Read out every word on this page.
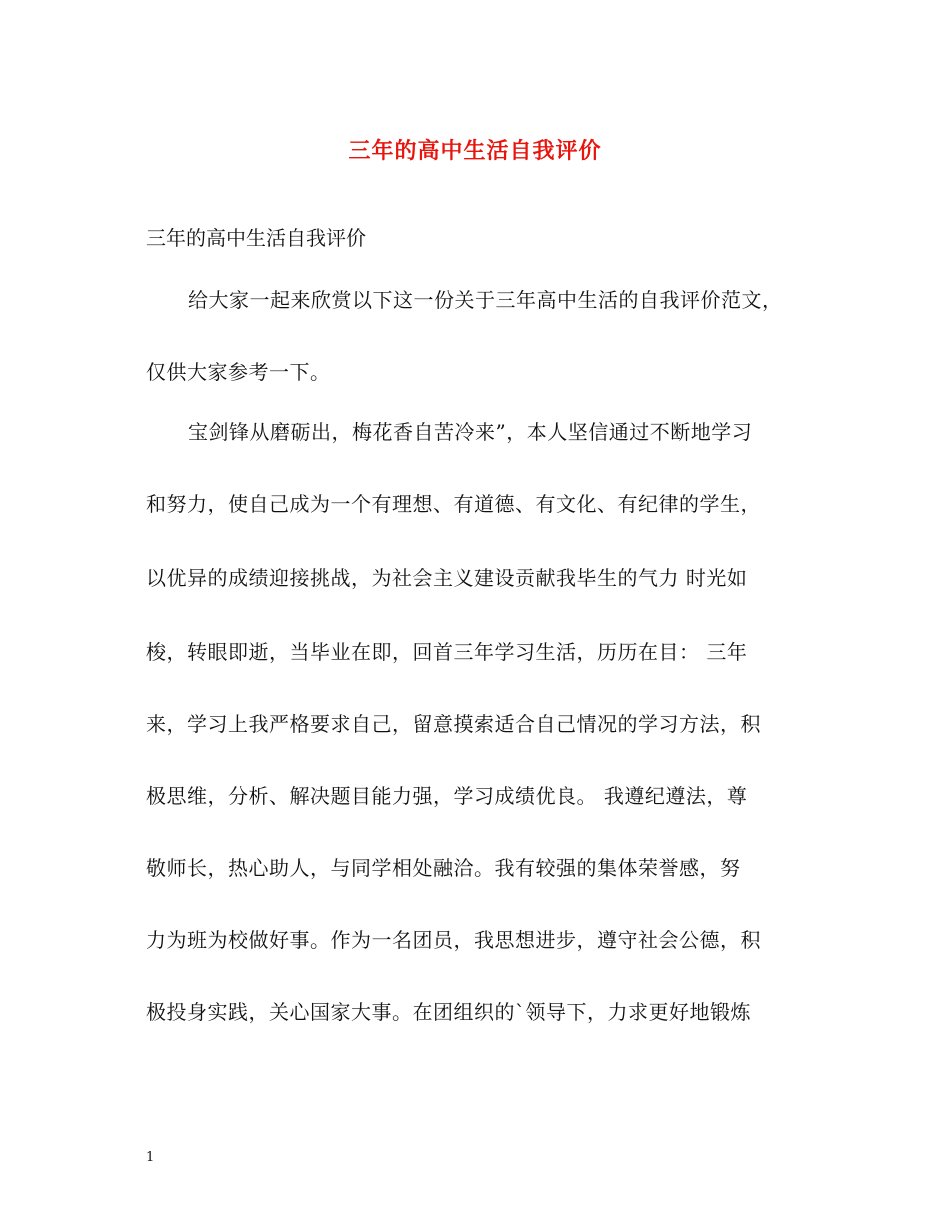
三年的高中生活自我评价
三年的高中生活自我评价
给大家一起来欣赏以下这一份关于三年高中生活的自我评价范文，
仅供大家参考一下。
宝剑锋从磨砺出，梅花香自苦冷来”，本人坚信通过不断地学习
和努力，使自己成为一个有理想、有道德、有文化、有纪律的学生，
以优异的成绩迎接挑战，为社会主义建设贡献我毕生的气力 时光如
梭，转眼即逝，当毕业在即，回首三年学习生活，历历在目： 三年
来，学习上我严格要求自己，留意摸索适合自己情况的学习方法，积
极思维，分析、解决题目能力强，学习成绩优良。 我遵纪遵法，尊
敬师长，热心助人，与同学相处融洽。我有较强的集体荣誉感，努
力为班为校做好事。作为一名团员，我思想进步，遵守社会公德，积
极投身实践，关心国家大事。在团组织的`领导下，力求更好地锻炼
1
